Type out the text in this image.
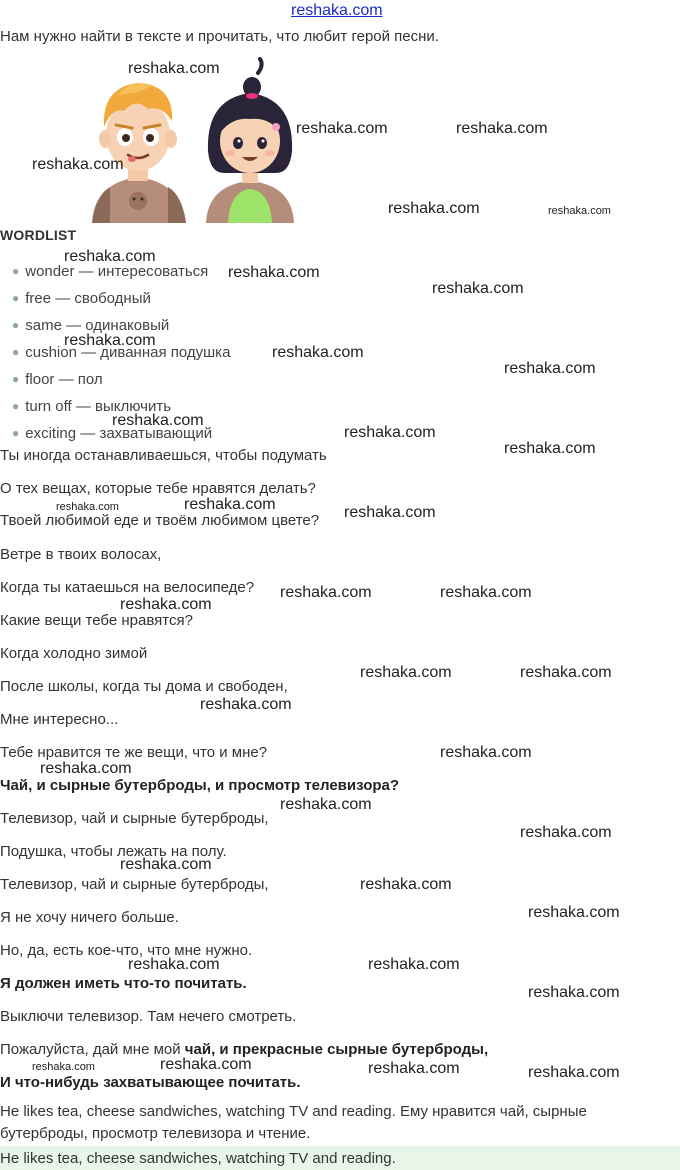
reshaka.com
Нам нужно найти в тексте и прочитать, что любит герой песни.
WORDLIST
● wonder — интересоваться
● free — свободный
● same — одинаковый
● cushion — диванная подушка
● floor — пол
● turn off — выключить
● exciting — захватывающий
Ты иногда останавливаешься, чтобы подумать
О тех вещах, которые тебе нравятся делать?
Твоей любимой еде и твоём любимом цвете?
Ветре в твоих волосах,
Когда ты катаешься на велосипеде?
Какие вещи тебе нравятся?
Когда холодно зимой
После школы, когда ты дома и свободен,
Мне интересно...
Тебе нравится те же вещи, что и мне?
Чай, и сырные бутерброды, и просмотр телевизора?
Телевизор, чай и сырные бутерброды,
Подушка, чтобы лежать на полу.
Телевизор, чай и сырные бутерброды,
Я не хочу ничего больше.
Но, да, есть кое-что, что мне нужно.
Я должен иметь что-то почитать.
Выключи телевизор. Там нечего смотреть.
Пожалуйста, дай мне мой чай, и прекрасные сырные бутерброды,
И что-нибудь захватывающее почитать.
He likes tea, cheese sandwiches, watching TV and reading. Ему нравится чай, сырные
бутерброды, просмотр телевизора и чтение.
He likes tea, cheese sandwiches, watching TV and reading.
reshaka.com
reshaka.com	reshaka.com
reshaka.com
reshaka.com	reshaka.com
reshaka.com
reshaka.com
reshaka.com
reshaka.com
reshaka.com
reshaka.com
reshaka.com
reshaka.com
reshaka.com
reshaka.com	reshaka.com	reshaka.com
reshaka.com	reshaka.com
reshaka.com
reshaka.com	reshaka.com
reshaka.com
reshaka.com
reshaka.com
reshaka.com
reshaka.com
reshaka.com
reshaka.com
reshaka.com
reshaka.com	reshaka.com
reshaka.com
reshaka.com
reshaka.com	reshaka.com	reshaka.com
